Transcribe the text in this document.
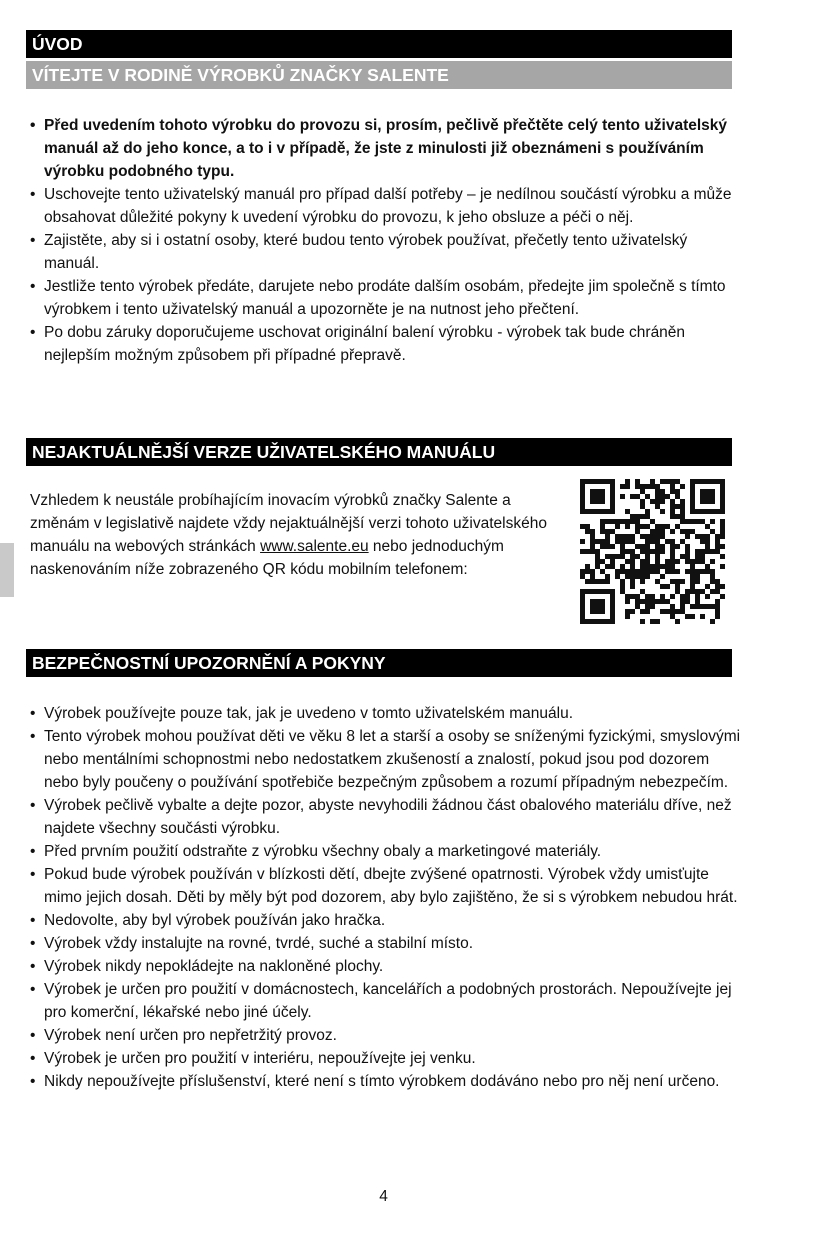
ÚVOD
VÍTEJTE V RODINĚ VÝROBKŮ ZNAČKY SALENTE
• Před uvedením tohoto výrobku do provozu si, prosím, pečlivě přečtěte celý tento uživatelský manuál až do jeho konce, a to i v případě, že jste z minulosti již obeznámeni s používáním výrobku podobného typu.
• Uschovejte tento uživatelský manuál pro případ další potřeby – je nedílnou součástí výrobku a může obsahovat důležité pokyny k uvedení výrobku do provozu, k jeho obsluze a péči o něj.
• Zajistěte, aby si i ostatní osoby, které budou tento výrobek používat, přečetly tento uživatelský manuál.
• Jestliže tento výrobek předáte, darujete nebo prodáte dalším osobám, předejte jim společně s tímto výrobkem i tento uživatelský manuál a upozorněte je na nutnost jeho přečtení.
• Po dobu záruky doporučujeme uschovat originální balení výrobku - výrobek tak bude chráněn nejlepším možným způsobem při případné přepravě.
NEJAKTUÁLNĚJŠÍ VERZE UŽIVATELSKÉHO MANUÁLU

Vzhledem k neustále probíhajícím inovacím výrobků značky Salente a změnám v legislativě najdete vždy nejaktuálnější verzi tohoto uživatelského manuálu na webových stránkách www.salente.eu nebo jednoduchým naskenováním níže zobrazeného QR kódu mobilním telefonem:

BEZPEČNOSTNÍ UPOZORNĚNÍ A POKYNY
• Výrobek používejte pouze tak, jak je uvedeno v tomto uživatelském manuálu.
• Tento výrobek mohou používat děti ve věku 8 let a starší a osoby se sníženými fyzickými, smyslovými nebo mentálními schopnostmi nebo nedostatkem zkušeností a znalostí, pokud jsou pod dozorem nebo byly poučeny o používání spotřebiče bezpečným způsobem a rozumí případným nebezpečím.
• Výrobek pečlivě vybalte a dejte pozor, abyste nevyhodili žádnou část obalového materiálu dříve, než najdete všechny součásti výrobku.
• Před prvním použití odstraňte z výrobku všechny obaly a marketingové materiály.
• Pokud bude výrobek používán v blízkosti dětí, dbejte zvýšené opatrnosti. Výrobek vždy umisťujte mimo jejich dosah. Děti by měly být pod dozorem, aby bylo zajištěno, že si s výrobkem nebudou hrát.
• Nedovolte, aby byl výrobek používán jako hračka.
• Výrobek vždy instalujte na rovné, tvrdé, suché a stabilní místo.
• Výrobek nikdy nepokládejte na nakloněné plochy.
• Výrobek je určen pro použití v domácnostech, kancelářích a podobných prostorách. Nepoužívejte jej pro komerční, lékařské nebo jiné účely.
• Výrobek není určen pro nepřetržitý provoz.
• Výrobek je určen pro použití v interiéru, nepoužívejte jej venku.
• Nikdy nepoužívejte příslušenství, které není s tímto výrobkem dodáváno nebo pro něj není určeno.
4
